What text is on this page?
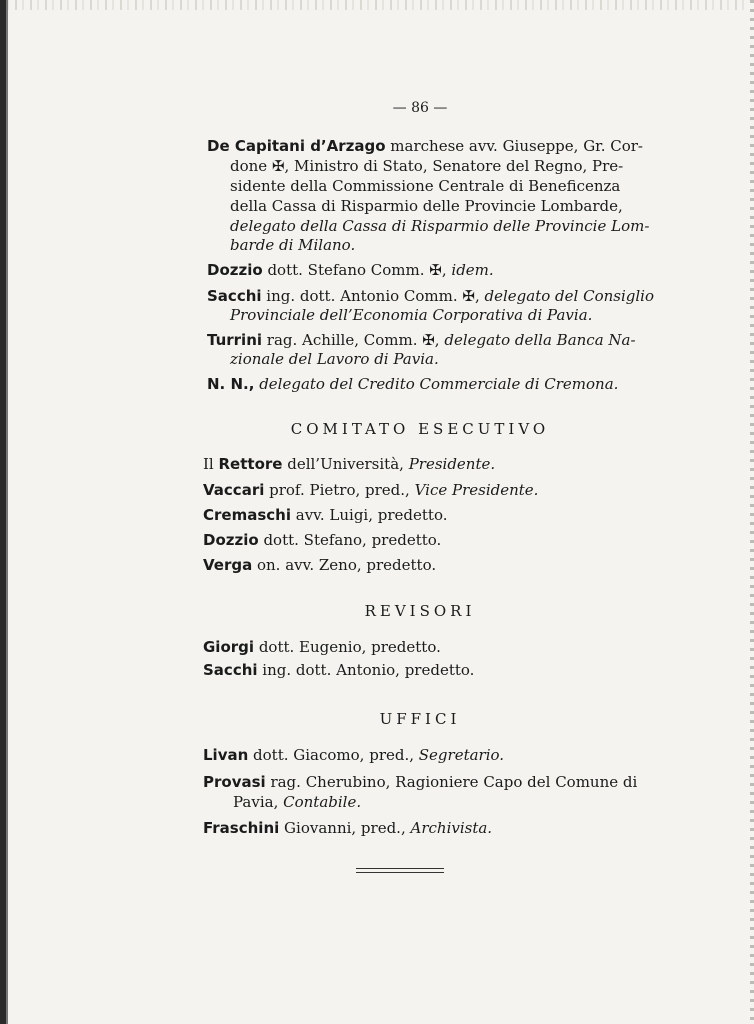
— 86 —
De Capitani d’Arzago marchese avv. Giuseppe, Gr. Cor-
done ✠, Ministro di Stato, Senatore del Regno, Pre-
sidente della Commissione Centrale di Beneficenza
della Cassa di Risparmio delle Provincie Lombarde,
delegato della Cassa di Risparmio delle Provincie Lom-
barde di Milano.
Dozzio dott. Stefano Comm. ✠, idem.
Sacchi ing. dott. Antonio Comm. ✠, delegato del Consiglio
Provinciale dell’Economia Corporativa di Pavia.
Turrini rag. Achille, Comm. ✠, delegato della Banca Na-
zionale del Lavoro di Pavia.
N. N., delegato del Credito Commerciale di Cremona.
COMITATO ESECUTIVO
Il Rettore dell’Università, Presidente.
Vaccari prof. Pietro, pred., Vice Presidente.
Cremaschi avv. Luigi, predetto.
Dozzio dott. Stefano, predetto.
Verga on. avv. Zeno, predetto.
REVISORI
Giorgi dott. Eugenio, predetto.
Sacchi ing. dott. Antonio, predetto.
UFFICI
Livan dott. Giacomo, pred., Segretario.
Provasi rag. Cherubino, Ragioniere Capo del Comune di
Pavia, Contabile.
Fraschini Giovanni, pred., Archivista.
